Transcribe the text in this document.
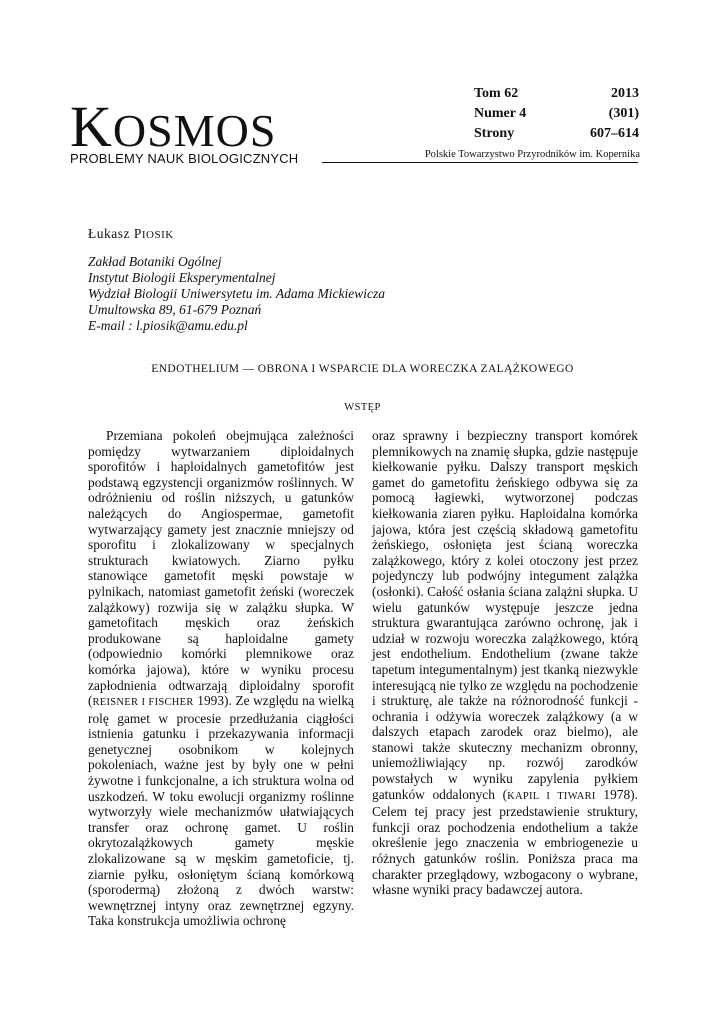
KOSMOS
PROBLEMY NAUK BIOLOGICZNYCH	Polskie Towarzystwo Przyrodników im. Kopernika
Tom 62	2013
Numer 4	(301)
Strony	607–614
Łukasz PIOSIK
Zakład Botaniki Ogólnej
Instytut Biologii Eksperymentalnej
Wydział Biologii Uniwersytetu im. Adama Mickiewicza
Umultowska 89, 61-679 Poznań
E-mail : l.piosik@amu.edu.pl
ENDOTHELIUM — OBRONA I WSPARCIE DLA WORECZKA ZALĄŻKOWEGO
WSTĘP

Przemiana pokoleń obejmująca zależności pomiędzy wytwarzaniem diploidalnych sporofitów i haploidalnych gametofitów jest podstawą egzystencji organizmów roślinnych. W odróżnieniu od roślin niższych, u gatunków należących do Angiospermae, gametofit wytwarzający gamety jest znacznie mniejszy od sporofitu i zlokalizowany w specjalnych strukturach kwiatowych. Ziarno pyłku stanowiące gametofit męski powstaje w pylnikach, natomiast gametofit żeński (woreczek zalążkowy) rozwija się w zalążku słupka. W gametofitach męskich oraz żeńskich produkowane są haploidalne gamety (odpowiednio komórki plemnikowe oraz komórka jajowa), które w wyniku procesu zapłodnienia odtwarzają diploidalny sporofit (REISNER I FISCHER 1993). Ze względu na wielką rolę gamet w procesie przedłużania ciągłości istnienia gatunku i przekazywania informacji genetycznej osobnikom w kolejnych pokoleniach, ważne jest by były one w pełni żywotne i funkcjonalne, a ich struktura wolna od uszkodzeń. W toku ewolucji organizmy roślinne wytworzyły wiele mechanizmów ułatwiających transfer oraz ochronę gamet. U roślin okrytozalążkowych gamety męskie zlokalizowane są w męskim gametoficie, tj. ziarnie pyłku, osłoniętym ścianą komórkową (sporodermą) złożoną z dwóch warstw: wewnętrznej intyny oraz zewnętrznej egzyny. Taka konstrukcja umożliwia ochronę

oraz sprawny i bezpieczny transport komórek plemnikowych na znamię słupka, gdzie następuje kiełkowanie pyłku. Dalszy transport męskich gamet do gametofitu żeńskiego odbywa się za pomocą łagiewki, wytworzonej podczas kiełkowania ziaren pyłku. Haploidalna komórka jajowa, która jest częścią składową gametofitu żeńskiego, osłonięta jest ścianą woreczka zalążkowego, który z kolei otoczony jest przez pojedynczy lub podwójny integument zalążka (osłonki). Całość osłania ściana zalążni słupka. U wielu gatunków występuje jeszcze jedna struktura gwarantująca zarówno ochronę, jak i udział w rozwoju woreczka zalążkowego, którą jest endothelium. Endothelium (zwane także tapetum integumentalnym) jest tkanką niezwykle interesującą nie tylko ze względu na pochodzenie i strukturę, ale także na różnorodność funkcji - ochrania i odżywia woreczek zalążkowy (a w dalszych etapach zarodek oraz bielmo), ale stanowi także skuteczny mechanizm obronny, uniemożliwiający np. rozwój zarodków powstałych w wyniku zapylenia pyłkiem gatunków oddalonych (KAPIL I TIWARI 1978). Celem tej pracy jest przedstawienie struktury, funkcji oraz pochodzenia endothelium a także określenie jego znaczenia w embriogenezie u różnych gatunków roślin. Poniższa praca ma charakter przeglądowy, wzbogacony o wybrane, własne wyniki pracy badawczej autora.
